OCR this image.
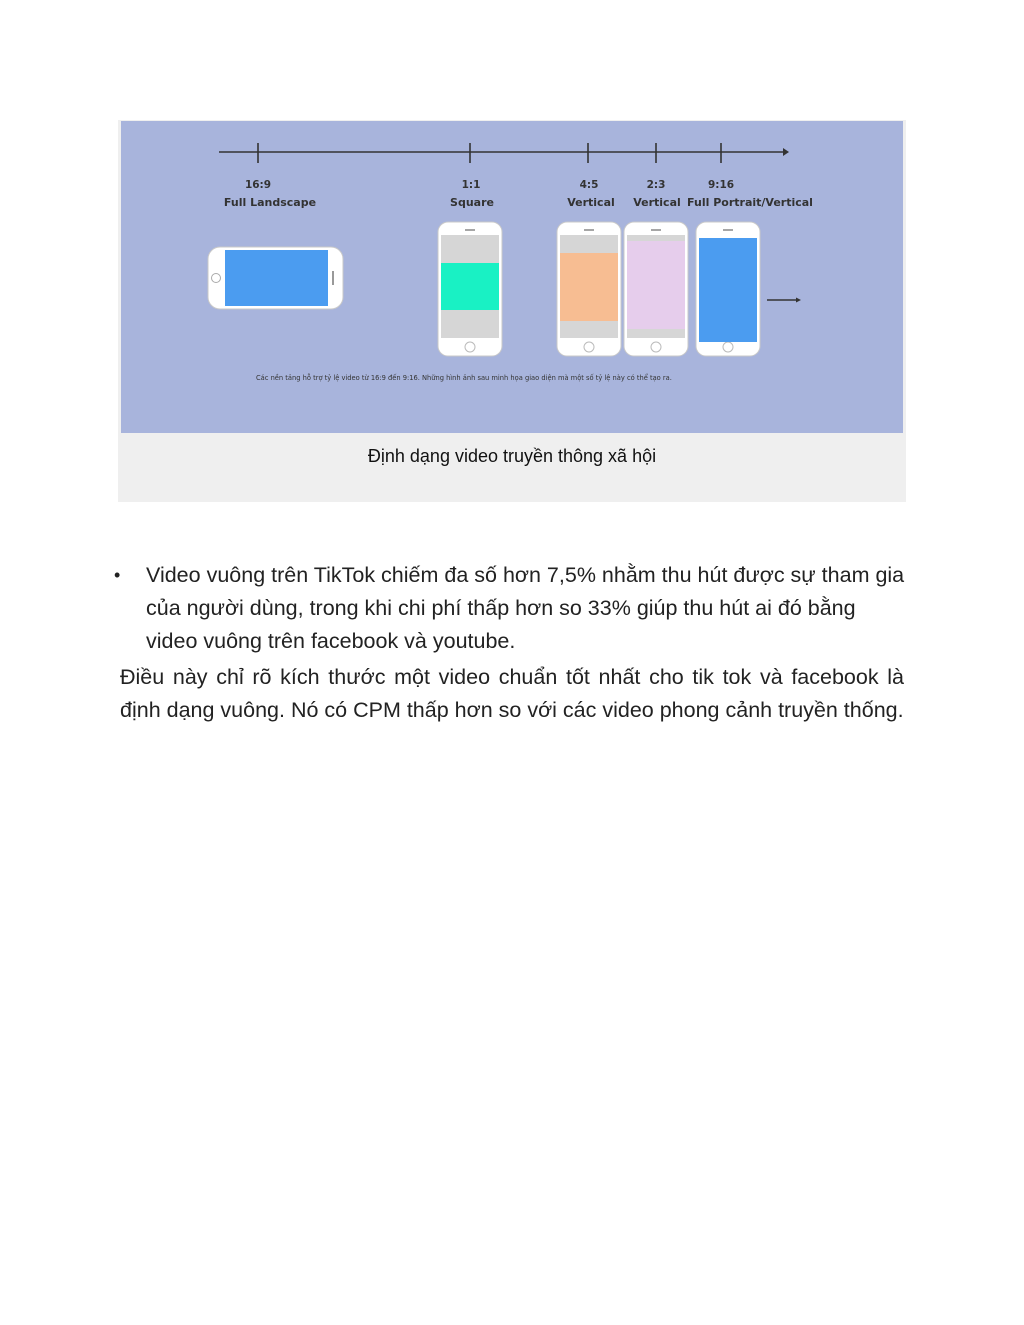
16:9
Full Landscape
1:1
Square
4:5
Vertical
2:3
Vertical
9:16
Full Portrait/Vertical
Các nền tảng hỗ trợ tỷ lệ video từ 16:9 đến 9:16. Những hình ảnh sau minh họa giao diện mà một số tỷ lệ này có thể tạo ra.
Định dạng video truyền thông xã hội
• Video vuông trên TikTok chiếm đa số hơn 7,5% nhằm thu hút được sự tham gia của người dùng, trong khi chi phí thấp hơn so 33% giúp thu hút ai đó bằng video vuông trên facebook và youtube.
Điều này chỉ rõ kích thước một video chuẩn tốt nhất cho tik tok và facebook là định dạng vuông. Nó có CPM thấp hơn so với các video phong cảnh truyền thống.
